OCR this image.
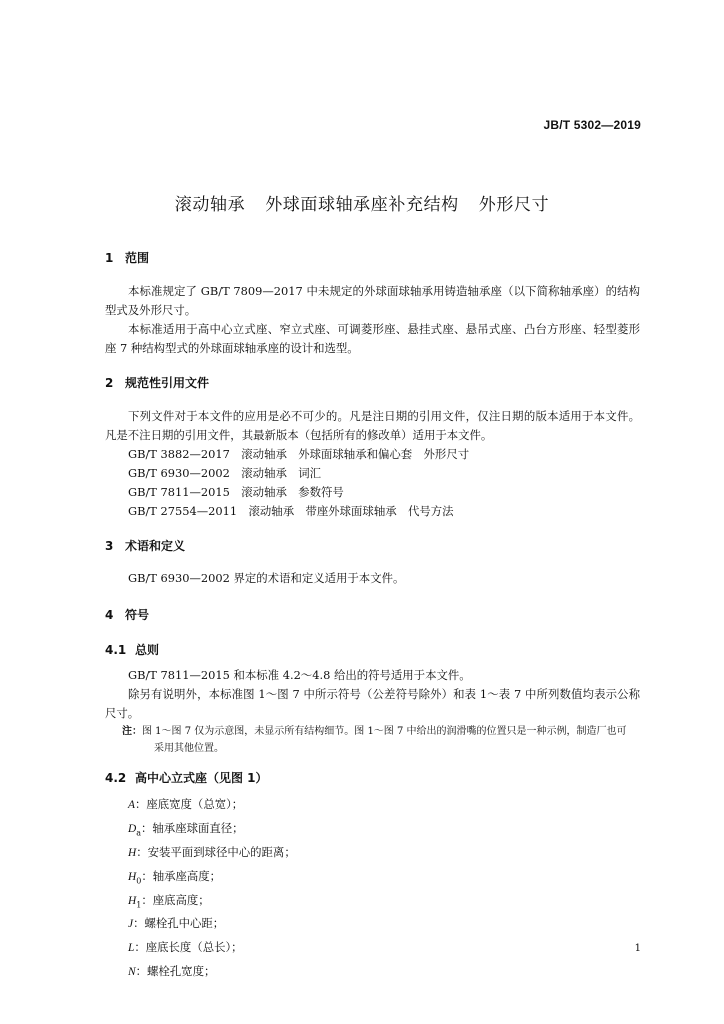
JB/T 5302—2019
滚动轴承 外球面球轴承座补充结构 外形尺寸
1 范围

本标准规定了 GB/T 7809—2017 中未规定的外球面球轴承用铸造轴承座（以下简称轴承座）的结构型式及外形尺寸。

本标准适用于高中心立式座、窄立式座、可调菱形座、悬挂式座、悬吊式座、凸台方形座、轻型菱形座 7 种结构型式的外球面球轴承座的设计和选型。

2 规范性引用文件

下列文件对于本文件的应用是必不可少的。凡是注日期的引用文件，仅注日期的版本适用于本文件。凡是不注日期的引用文件，其最新版本（包括所有的修改单）适用于本文件。

GB/T 3882—2017　滚动轴承　外球面球轴承和偏心套　外形尺寸

GB/T 6930—2002　滚动轴承　词汇

GB/T 7811—2015　滚动轴承　参数符号

GB/T 27554—2011　滚动轴承　带座外球面球轴承　代号方法

3 术语和定义

GB/T 6930—2002 界定的术语和定义适用于本文件。

4 符号
4.1 总则

GB/T 7811—2015 和本标准 4.2～4.8 给出的符号适用于本文件。

除另有说明外，本标准图 1～图 7 中所示符号（公差符号除外）和表 1～表 7 中所列数值均表示公称尺寸。

注：图 1～图 7 仅为示意图，未显示所有结构细节。图 1～图 7 中给出的润滑嘴的位置只是一种示例，制造厂也可
采用其他位置。
4.2 高中心立式座（见图 1）

A：座底宽度（总宽）；

$D_a$：轴承座球面直径；

H：安装平面到球径中心的距离；

$H_0$：轴承座高度；

$H_1$：座底高度；

J：螺栓孔中心距；

L：座底长度（总长）；

N：螺栓孔宽度；

1
